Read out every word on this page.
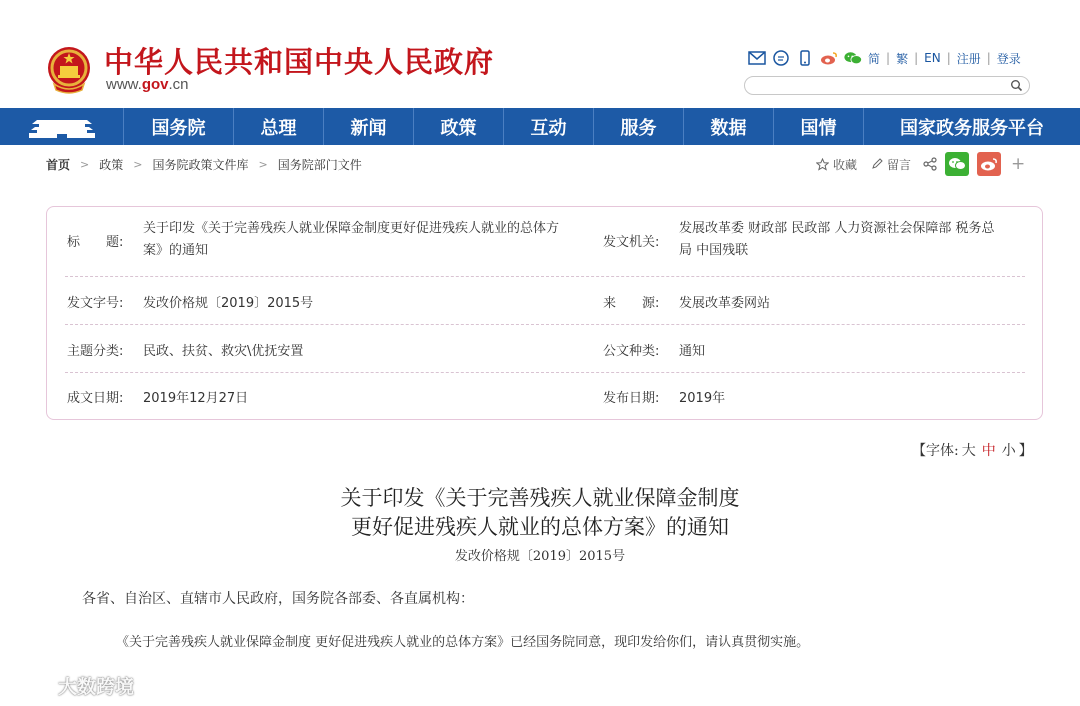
中华人民共和国中央人民政府
www.gov.cn
简 | 繁 | EN | 注册 | 登录
国务院	总理	新闻	政策	互动	服务	数据	国情	国家政务服务平台
首页 > 政策 > 国务院政策文件库 > 国务院部门文件	收藏	留言	+
标　　题:
关于印发《关于完善残疾人就业保障金制度更好促进残疾人就业的总体方
案》的通知
发文机关:
发展改革委 财政部 民政部 人力资源社会保障部 税务总
局 中国残联
发文字号: 发改价格规〔2019〕2015号	来　　源: 发展改革委网站
主题分类: 民政、扶贫、救灾\优抚安置	公文种类: 通知
成文日期: 2019年12月27日	发布日期: 2019年
【字体: 大 中 小 】
关于印发《关于完善残疾人就业保障金制度
更好促进残疾人就业的总体方案》的通知
发改价格规〔2019〕2015号
各省、自治区、直辖市人民政府，国务院各部委、各直属机构：
《关于完善残疾人就业保障金制度 更好促进残疾人就业的总体方案》已经国务院同意，现印发给你们，请认真贯彻实施。
大数跨境
